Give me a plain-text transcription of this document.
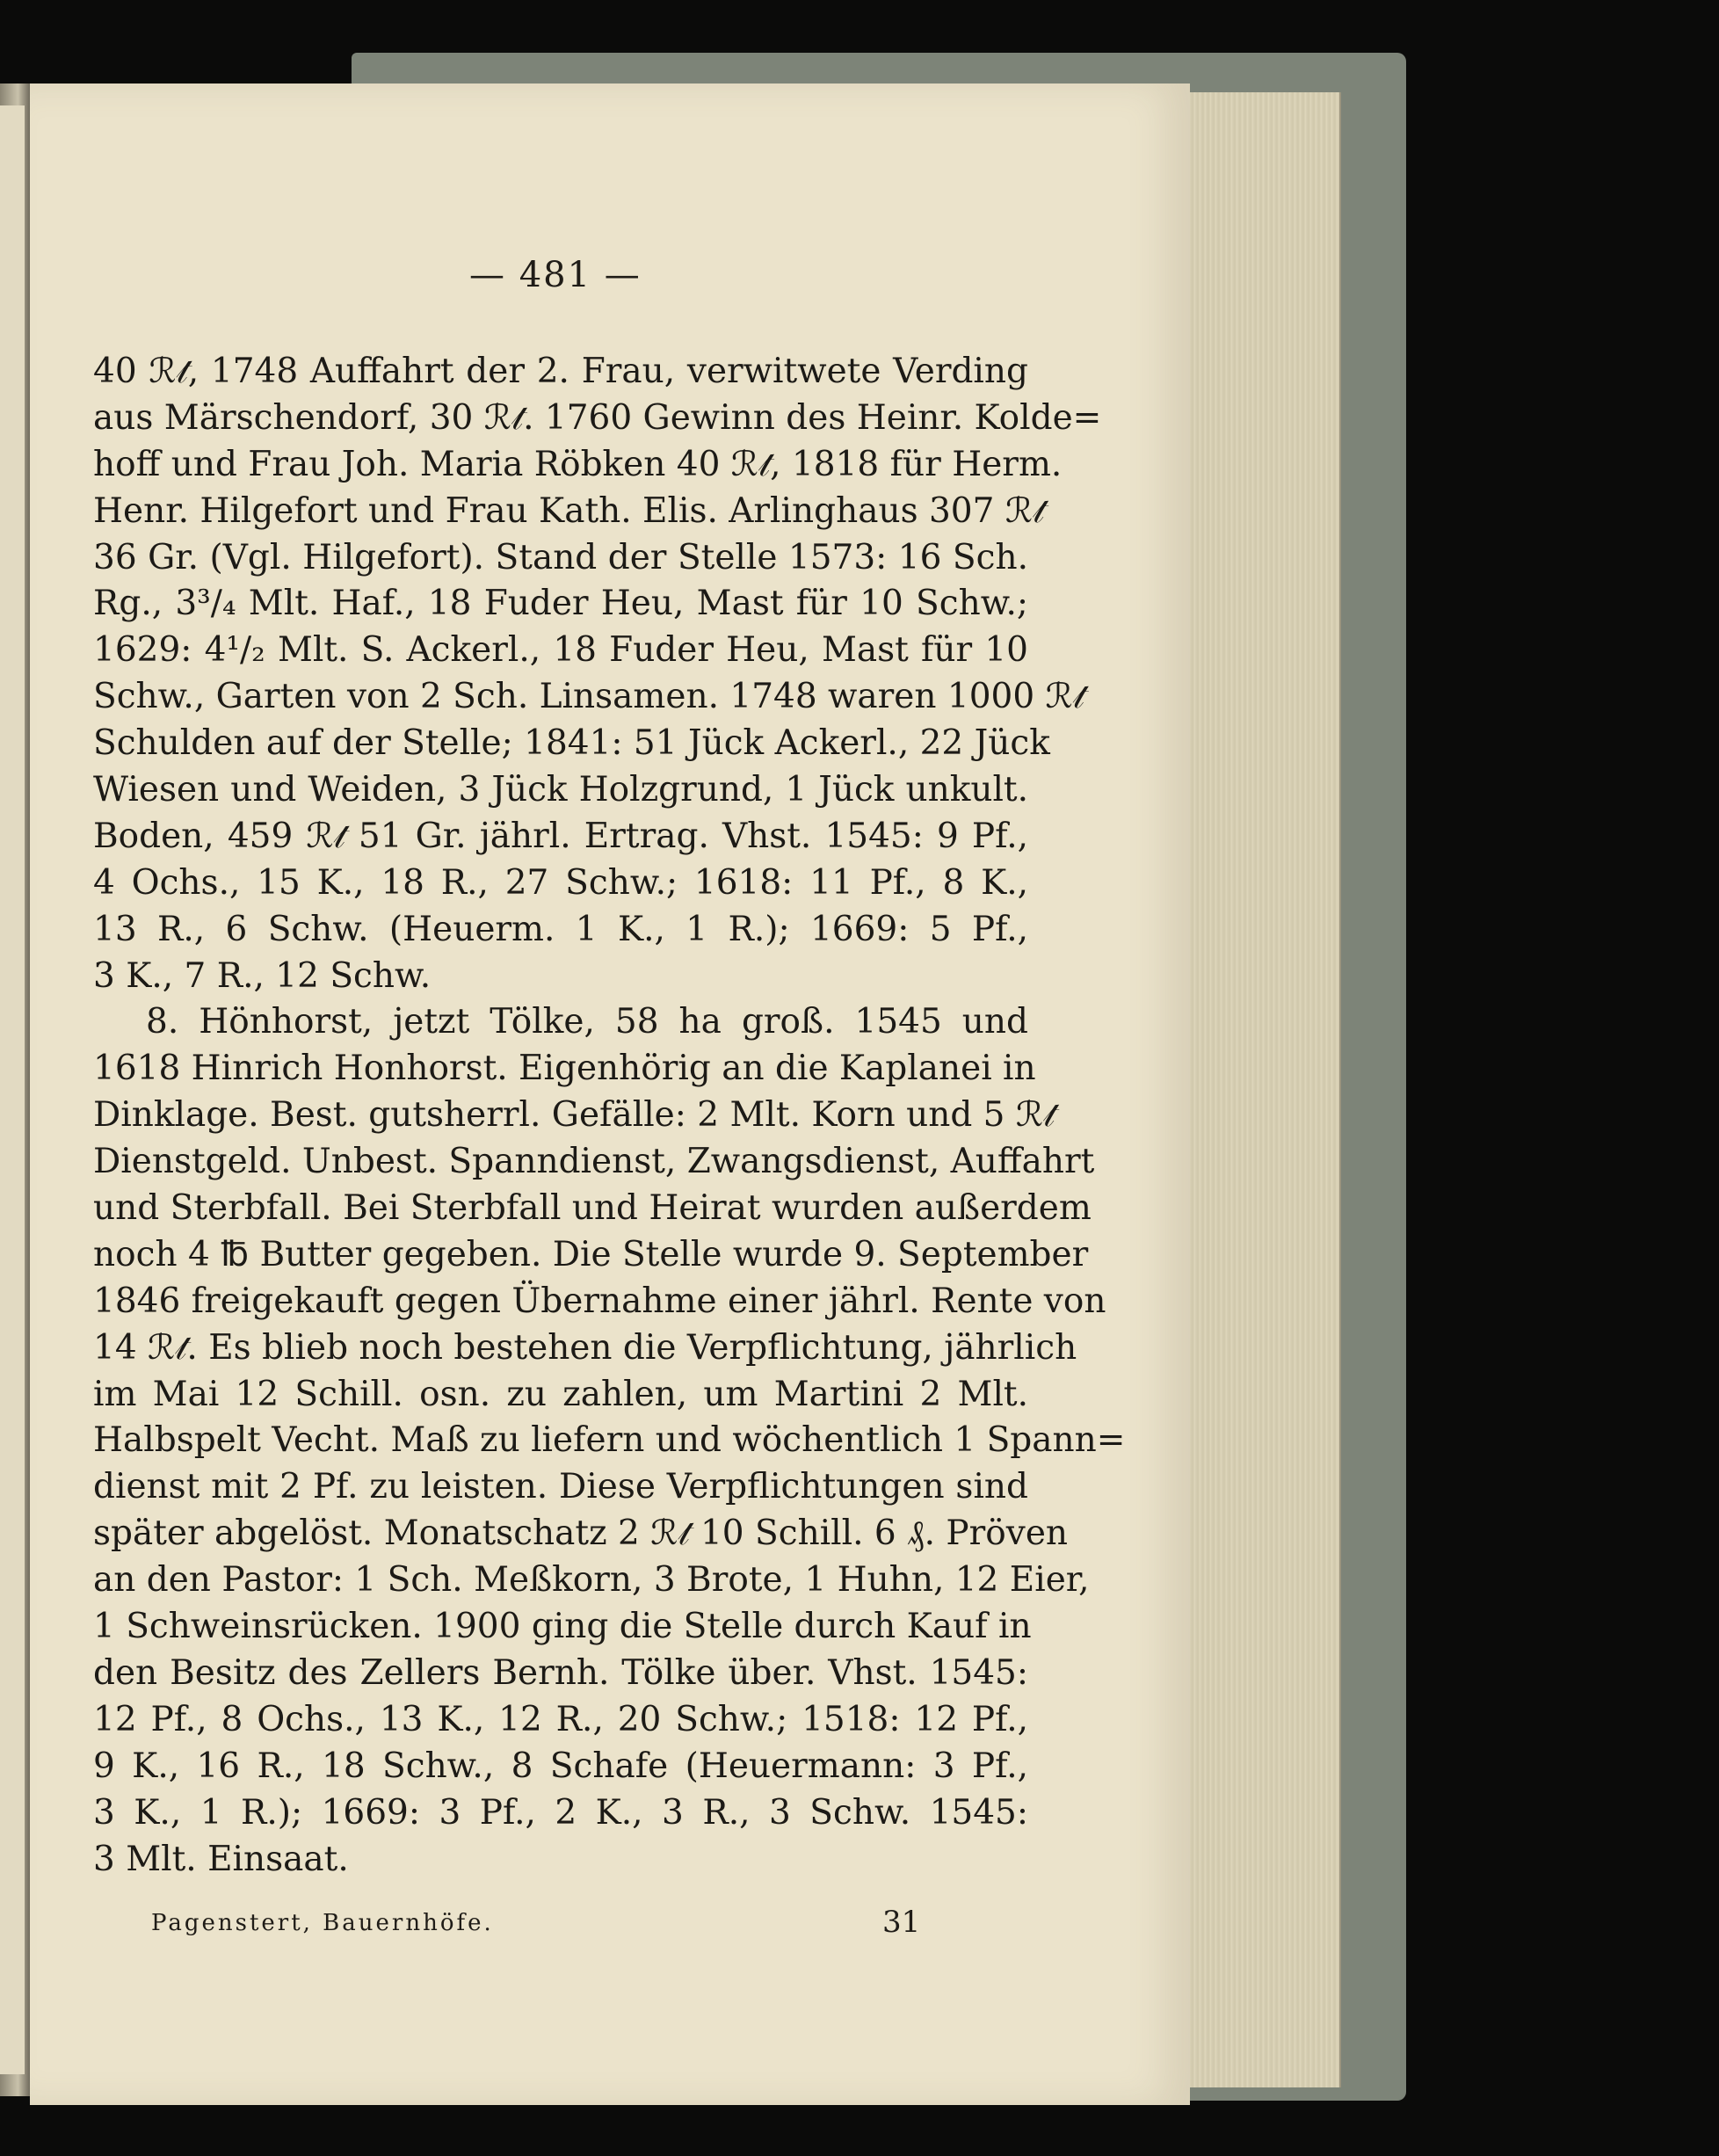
— 481 —
40 ℛ𝓉, 1748 Auffahrt der 2. Frau, verwitwete Verding
aus Märschendorf, 30 ℛ𝓉. 1760 Gewinn des Heinr. Kolde=
hoff und Frau Joh. Maria Röbken 40 ℛ𝓉, 1818 für Herm.
Henr. Hilgefort und Frau Kath. Elis. Arlinghaus 307 ℛ𝓉
36 Gr. (Vgl. Hilgefort). Stand der Stelle 1573: 16 Sch.
Rg., 3³/₄ Mlt. Haf., 18 Fuder Heu, Mast für 10 Schw.;
1629: 4¹/₂ Mlt. S. Ackerl., 18 Fuder Heu, Mast für 10
Schw., Garten von 2 Sch. Linsamen. 1748 waren 1000 ℛ𝓉
Schulden auf der Stelle; 1841: 51 Jück Ackerl., 22 Jück
Wiesen und Weiden, 3 Jück Holzgrund, 1 Jück unkult.
Boden, 459 ℛ𝓉 51 Gr. jährl. Ertrag. Vhst. 1545: 9 Pf.,
4 Ochs., 15 K., 18 R., 27 Schw.; 1618: 11 Pf., 8 K.,
13 R., 6 Schw. (Heuerm. 1 K., 1 R.); 1669: 5 Pf.,
3 K., 7 R., 12 Schw.
8. Hönhorst, jetzt Tölke, 58 ha groß. 1545 und
1618 Hinrich Honhorst. Eigenhörig an die Kaplanei in
Dinklage. Best. gutsherrl. Gefälle: 2 Mlt. Korn und 5 ℛ𝓉
Dienstgeld. Unbest. Spanndienst, Zwangsdienst, Auffahrt
und Sterbfall. Bei Sterbfall und Heirat wurden außerdem
noch 4 ℔ Butter gegeben. Die Stelle wurde 9. September
1846 freigekauft gegen Übernahme einer jährl. Rente von
14 ℛ𝓉. Es blieb noch bestehen die Verpflichtung, jährlich
im Mai 12 Schill. osn. zu zahlen, um Martini 2 Mlt.
Halbspelt Vecht. Maß zu liefern und wöchentlich 1 Spann=
dienst mit 2 Pf. zu leisten. Diese Verpflichtungen sind
später abgelöst. Monatschatz 2 ℛ𝓉 10 Schill. 6 ₰. Pröven
an den Pastor: 1 Sch. Meßkorn, 3 Brote, 1 Huhn, 12 Eier,
1 Schweinsrücken. 1900 ging die Stelle durch Kauf in
den Besitz des Zellers Bernh. Tölke über. Vhst. 1545:
12 Pf., 8 Ochs., 13 K., 12 R., 20 Schw.; 1518: 12 Pf.,
9 K., 16 R., 18 Schw., 8 Schafe (Heuermann: 3 Pf.,
3 K., 1 R.); 1669: 3 Pf., 2 K., 3 R., 3 Schw. 1545:
3 Mlt. Einsaat.
Pagenstert, Bauernhöfe.	31
